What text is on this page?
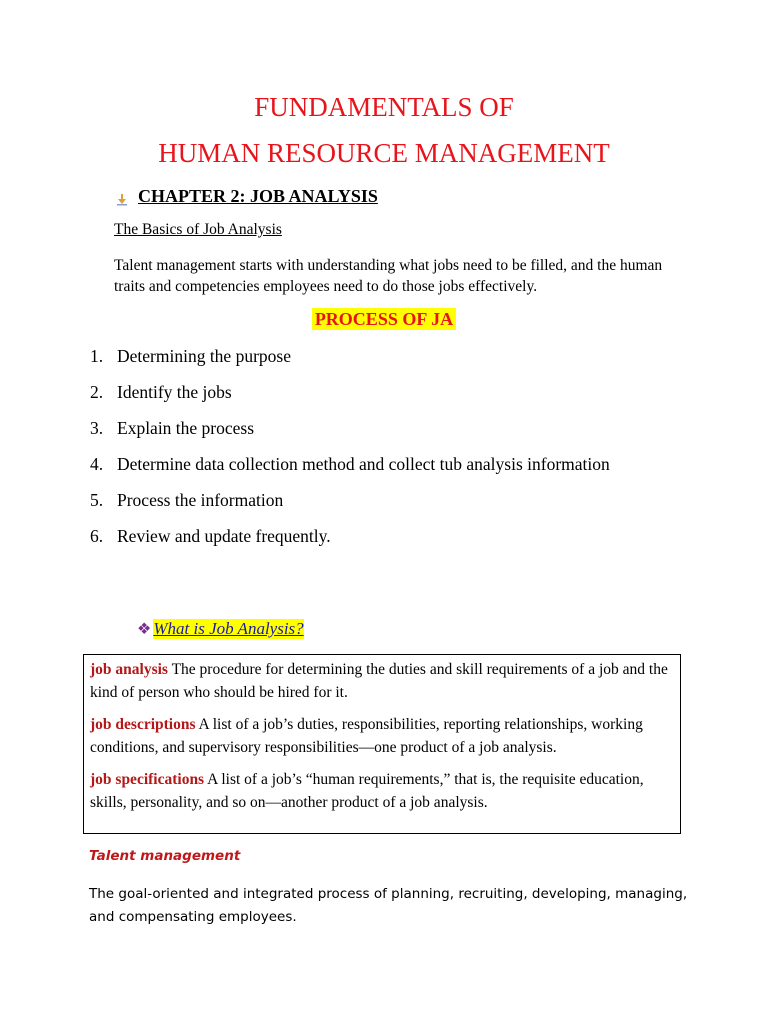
FUNDAMENTALS OF
HUMAN RESOURCE MANAGEMENT
CHAPTER 2: JOB ANALYSIS
The Basics of Job Analysis
Talent management starts with understanding what jobs need to be filled, and the human traits and competencies employees need to do those jobs effectively.
PROCESS OF JA
1. Determining the purpose
2. Identify the jobs
3. Explain the process
4. Determine data collection method and collect tub analysis information
5. Process the information
6. Review and update frequently.
❖ What is Job Analysis?

job analysis The procedure for determining the duties and skill requirements of a job and the kind of person who should be hired for it.

job descriptions A list of a job’s duties, responsibilities, reporting relationships, working conditions, and supervisory responsibilities—one product of a job analysis.

job specifications A list of a job’s “human requirements,” that is, the requisite education, skills, personality, and so on—another product of a job analysis.

Talent management
The goal-oriented and integrated process of planning, recruiting, developing, managing, and compensating employees.
